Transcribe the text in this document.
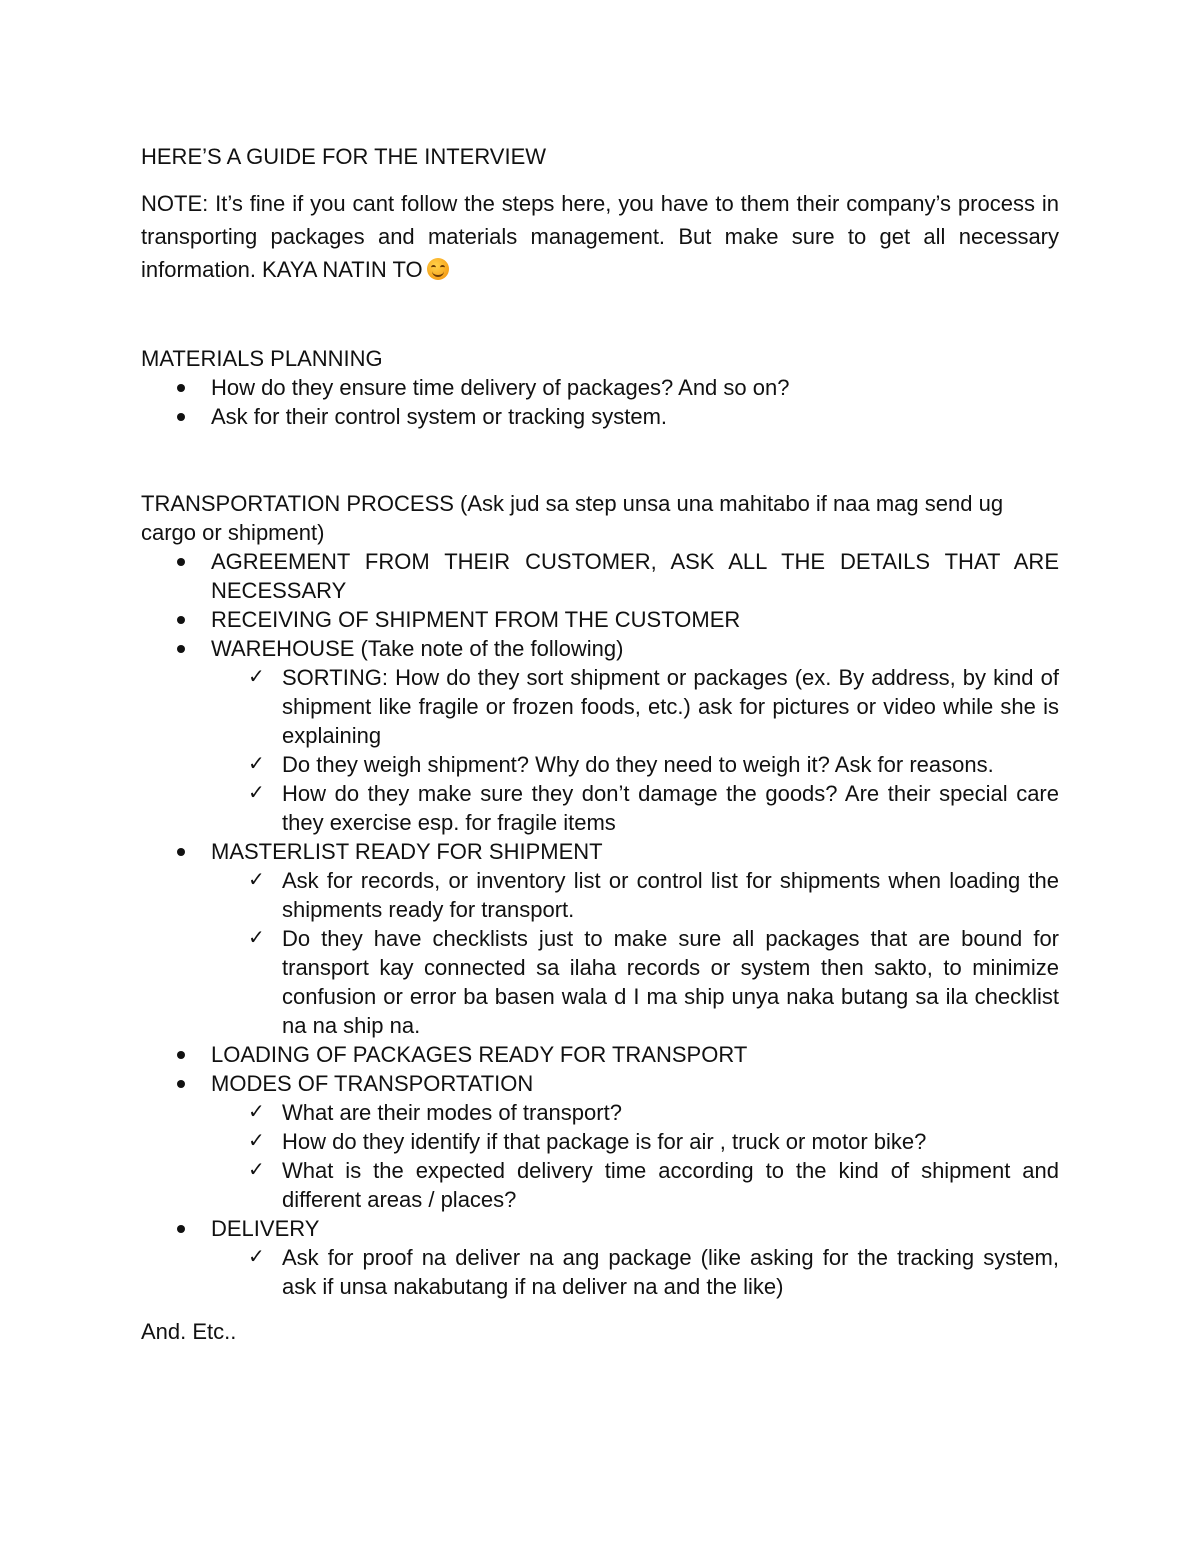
HERE’S A GUIDE FOR THE INTERVIEW

NOTE: It’s fine if you cant follow the steps here, you have to them their company’s process in transporting packages and materials management. But make sure to get all necessary information. KAYA NATIN TO

MATERIALS PLANNING

How do they ensure time delivery of packages? And so on?
Ask for their control system or tracking system.

TRANSPORTATION PROCESS (Ask jud sa step unsa una mahitabo if naa mag send ug cargo or shipment)

AGREEMENT FROM THEIR CUSTOMER, ASK ALL THE DETAILS THAT ARE NECESSARY
RECEIVING OF SHIPMENT FROM THE CUSTOMER
WAREHOUSE (Take note of the following)
✓ SORTING: How do they sort shipment or packages (ex. By address, by kind of shipment like fragile or frozen foods, etc.) ask for pictures or video while she is explaining
✓ Do they weigh shipment? Why do they need to weigh it? Ask for reasons.
✓ How do they make sure they don’t damage the goods? Are their special care they exercise esp. for fragile items
MASTERLIST READY FOR SHIPMENT
✓ Ask for records, or inventory list or control list for shipments when loading the shipments ready for transport.
✓ Do they have checklists just to make sure all packages that are bound for transport kay connected sa ilaha records or system then sakto, to minimize confusion or error ba basen wala d I ma ship unya naka butang sa ila checklist na na ship na.
LOADING OF PACKAGES READY FOR TRANSPORT
MODES OF TRANSPORTATION
✓ What are their modes of transport?
✓ How do they identify if that package is for air , truck or motor bike?
✓ What is the expected delivery time according to the kind of shipment and different areas / places?
DELIVERY
✓ Ask for proof na deliver na ang package (like asking for the tracking system, ask if unsa nakabutang if na deliver na and the like)

And. Etc..
